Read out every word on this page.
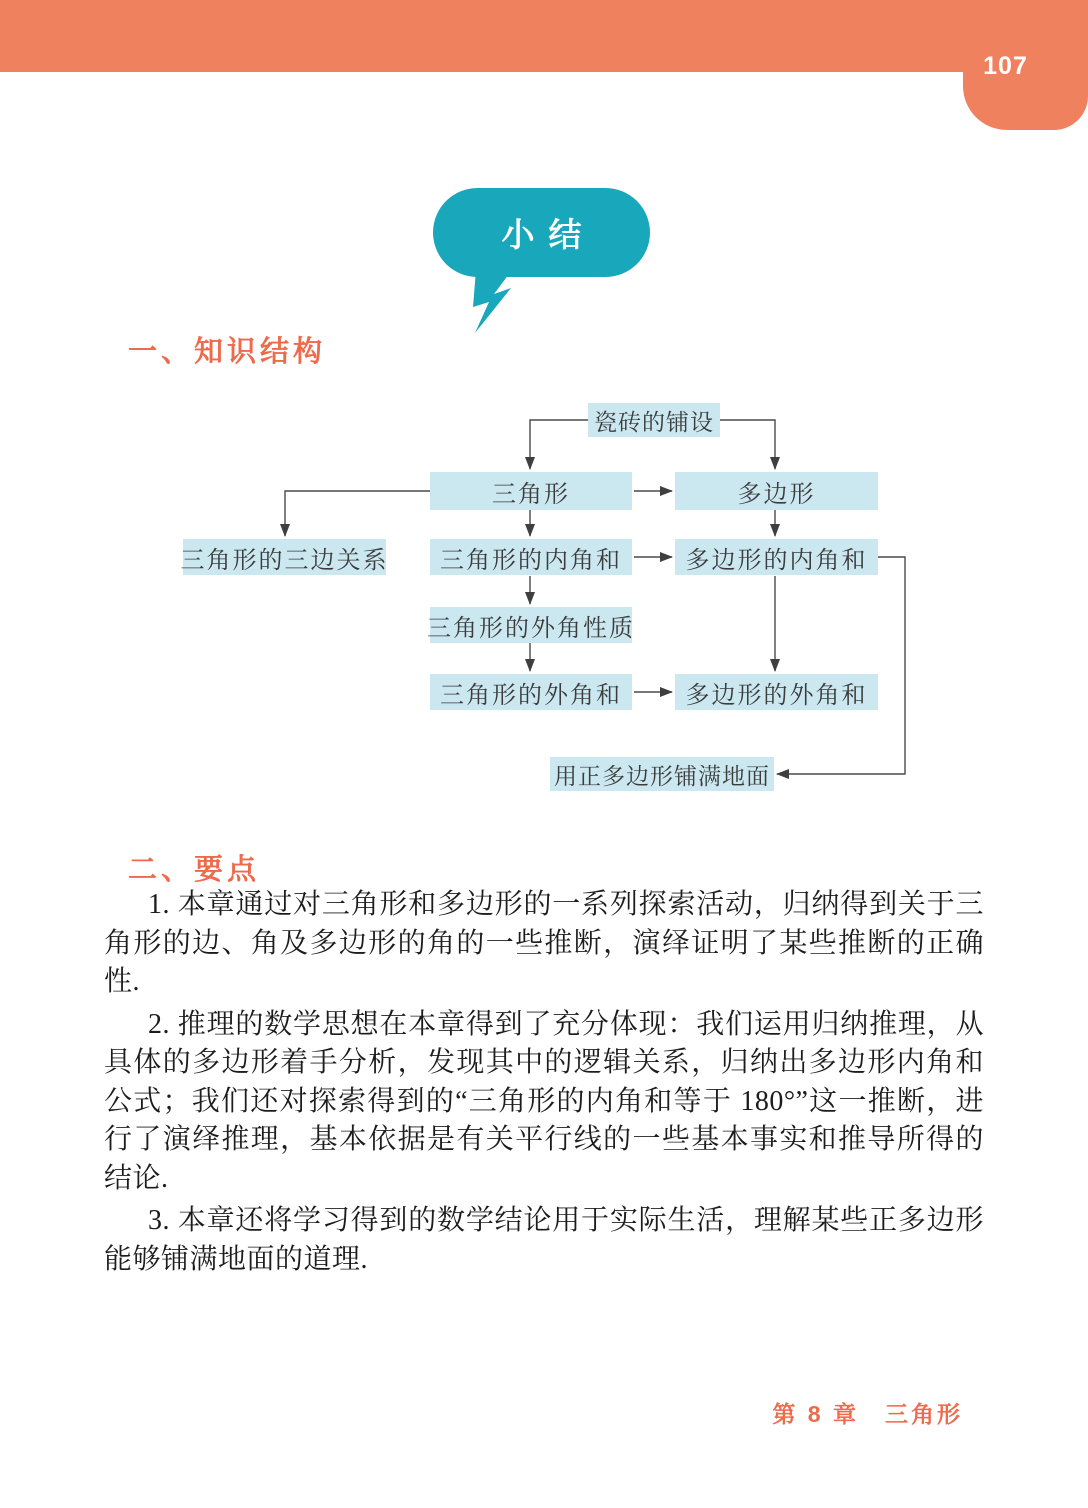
107
小结
一、知识结构
瓷砖的铺设
三角形	多边形
三角形的三边关系	三角形的内角和	多边形的内角和
三角形的外角性质
三角形的外角和	多边形的外角和
用正多边形铺满地面
二、要点

1. 本章通过对三角形和多边形的一系列探索活动，归纳得到关于三角形的边、角及多边形的角的一些推断，演绎证明了某些推断的正确性.

2. 推理的数学思想在本章得到了充分体现：我们运用归纳推理，从具体的多边形着手分析，发现其中的逻辑关系，归纳出多边形内角和公式；我们还对探索得到的“三角形的内角和等于 180°”这一推断，进行了演绎推理，基本依据是有关平行线的一些基本事实和推导所得的结论.

3. 本章还将学习得到的数学结论用于实际生活，理解某些正多边形能够铺满地面的道理.

第 8 章　三角形
